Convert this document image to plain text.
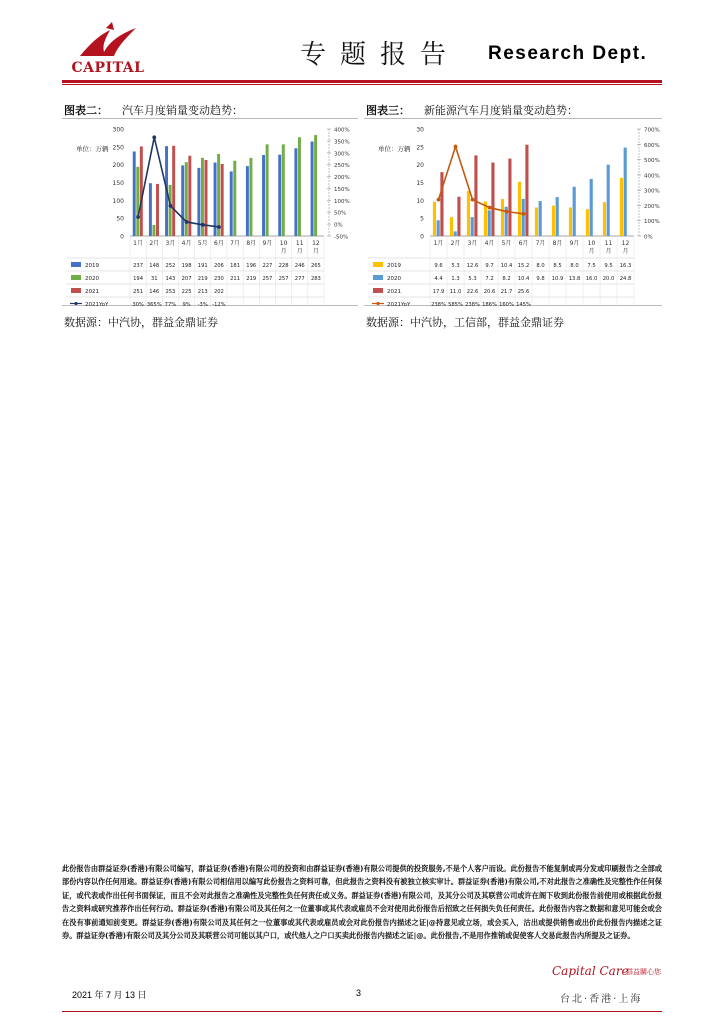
CAPITAL	专题报告 Research Dept.
图表二： 汽车月度销量变动趋势：	图表三： 新能源汽车月度销量变动趋势：
300
250
200
150
100
50
0
400%
350%
300%
250%
200%
150%
100%
50%
0%
-50%
单位：万辆
1月 2月 3月 4月 5月 6月 7月 8月 9月 10
月
11
月
12
月
2019	237 148 252 198 191 206 181 196 227 228 246 265
2020	194 31 143 207 219 230 211 219 257 257 277 283
2021	251 146 253 225 213 202
2021YoY	30% 365% 77% 9% -3% -12%
30
25
20
15
10
5
0
700%
600%
500%
400%
300%
200%
100%
0%
单位：万辆
1月 2月 3月 4月 5月 6月 7月 8月 9月 10
月
11
月
12
月
2019	9.6 5.3 12.6 9.7 10.4 15.2 8.0 8.5 8.0 7.5 9.5 16.3
2020	4.4 1.3 5.3 7.2 8.2 10.4 9.8 10.9 13.8 16.0 20.0 24.8
2021	17.9 11.0 22.6 20.6 21.7 25.6
2021YoY	238% 585% 238% 186% 160% 145%
数据源：中汽协，群益金鼎证券	数据源：中汽协，工信部，群益金鼎证券
此份报告由群益证券(香港)有限公司编写，群益证券(香港)有限公司的投资和由群益证券(香港)有限公司提供的投资服务,不是个人客户而设。此份报告不能复制或再分发或印刷报告之全部或部份内容以作任何用途。群益证券(香港)有限公司相信用以编写此份报告之资料可靠，但此报告之资料没有被独立核实审计。群益证券(香港)有限公司,不对此报告之准确性及完整性作任何保证，或代表或作出任何书面保证，而且不会对此报告之准确性及完整性负任何责任或义务。群益证券(香港)有限公司，及其分公司及其联营公司或许在阁下收到此份报告前使用或根据此份报告之资料或研究推荐作出任何行动。群益证券(香港)有限公司及其任何之一位董事或其代表或雇员不会对使用此份报告后招致之任何损失负任何责任。此份报告内容之数据和意见可能会或会在没有事前通知前变更。群益证券(香港)有限公司及其任何之一位董事或其代表或雇员或会对此份报告内描述之证|@持意见或立场，或会买入，沽出或提供销售或出价此份报告内描述之证券。群益证券(香港)有限公司及其分公司及其联营公司可能以其户口，或代他人之户口买卖此份报告内描述之证|@。此份报告,不是用作推销或促使客人交易此报告内所提及之证券。
2021 年 7 月 13 日	3
Capital Care
群益關心您
台北·香港·上海
